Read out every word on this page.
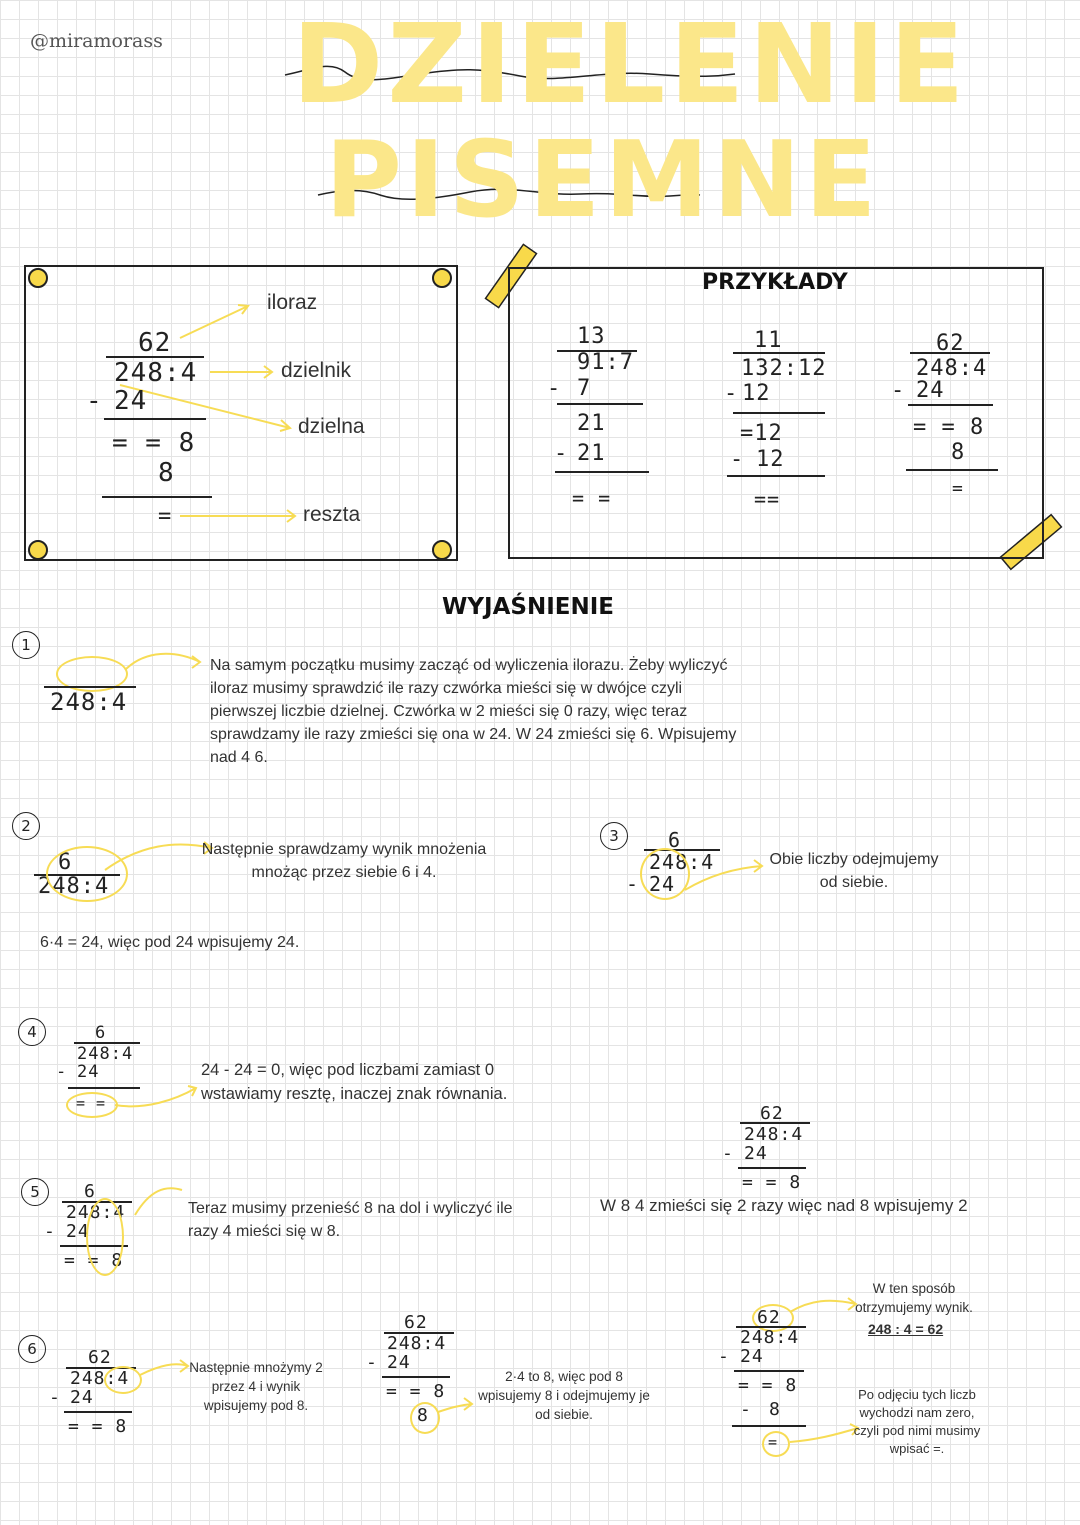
@miramorass DZIELENIE
PISEMNE
62
248:4
- 24
= = 8
8
=
iloraz
dzielnik
dzielna
reszta
PRZYKŁADY
13
91:7
- 7
21
- 21
= =
11
132:12
- 12
=12
- 12
==
62
248:4
- 24
= = 8
8
=
WYJAŚNIENIE
1
248:4
Na samym początku musimy zacząć od wyliczenia ilorazu. Żeby wyliczyć iloraz musimy sprawdzić ile razy czwórka mieści się w dwójce czyli pierwszej liczbie dzielnej. Czwórka w 2 mieści się 0 razy, więc teraz sprawdzamy ile razy zmieści się ona w 24. W 24 zmieści się 6. Wpisujemy nad 4 6.
2
6
248:4
Następnie sprawdzamy wynik mnożenia mnożąc przez siebie 6 i 4.
6·4 = 24, więc pod 24 wpisujemy 24.
3	6
248:4
- 24
Obie liczby odejmujemy od siebie.
4	6
248:4
- 24
= =
24 - 24 = 0, więc pod liczbami zamiast 0 wstawiamy resztę, inaczej znak równania.
5	6
248:4
- 24
= = 8
Teraz musimy przenieść 8 na dol i wyliczyć ile razy 4 mieści się w 8.
62
248:4
- 24
= = 8
W 8 4 zmieści się 2 razy więc nad 8 wpisujemy 2
6	62
248:4
- 24
= = 8
Następnie mnożymy 2 przez 4 i wynik wpisujemy pod 8.
62
248:4
- 24
= = 8
8
2·4 to 8, więc pod 8 wpisujemy 8 i odejmujemy je od siebie.
62
248:4
- 24
= = 8
- 8
=
W ten sposób otrzymujemy wynik.
248 : 4 = 62
Po odjęciu tych liczb wychodzi nam zero, czyli pod nimi musimy wpisać =.
